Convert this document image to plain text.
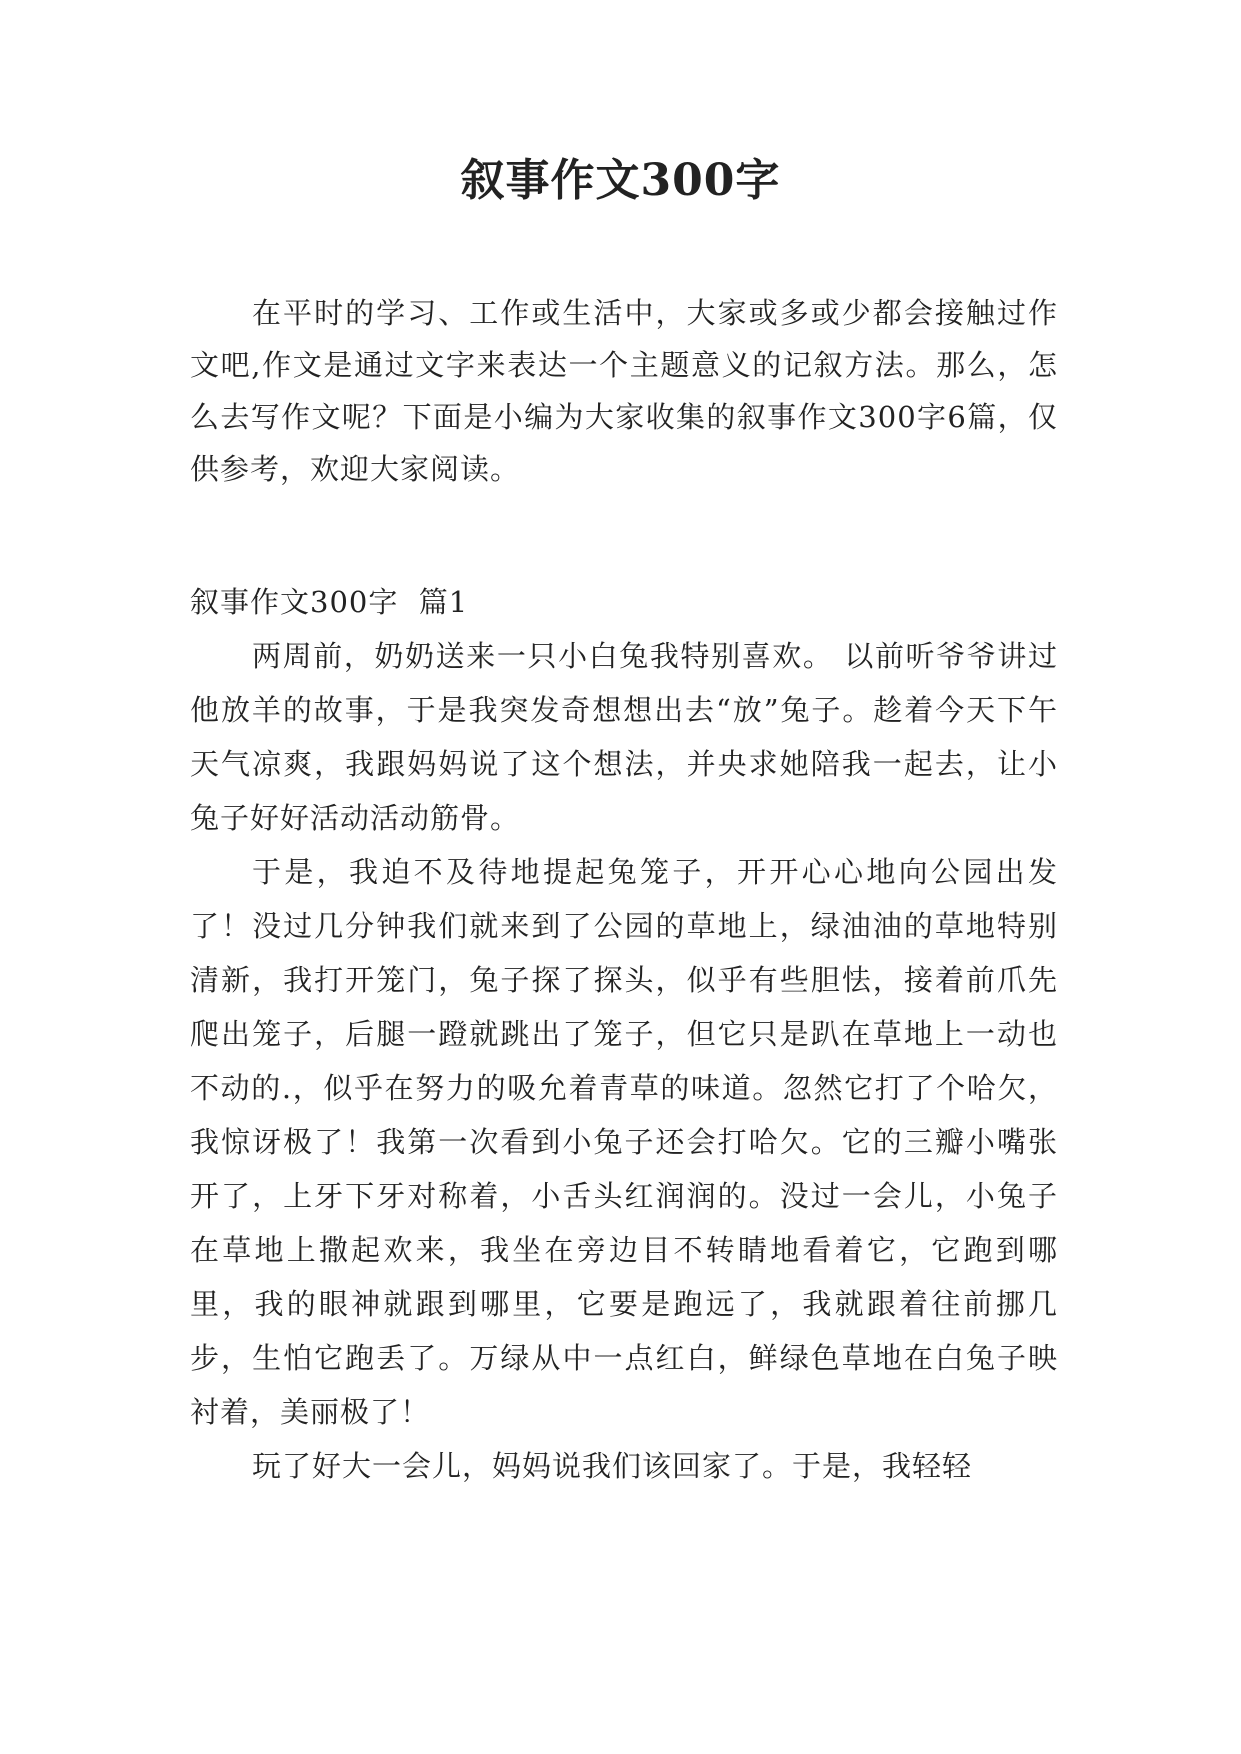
叙事作文300字

在平时的学习、工作或生活中，大家或多或少都会接触过作文吧,作文是通过文字来表达一个主题意义的记叙方法。那么，怎么去写作文呢？下面是小编为大家收集的叙事作文300字6篇，仅供参考，欢迎大家阅读。

叙事作文300字  篇1

两周前，奶奶送来一只小白兔我特别喜欢。 以前听爷爷讲过他放羊的故事，于是我突发奇想想出去“放”兔子。趁着今天下午天气凉爽，我跟妈妈说了这个想法，并央求她陪我一起去，让小兔子好好活动活动筋骨。

于是，我迫不及待地提起兔笼子，开开心心地向公园出发了！没过几分钟我们就来到了公园的草地上，绿油油的草地特别清新，我打开笼门，兔子探了探头，似乎有些胆怯，接着前爪先爬出笼子，后腿一蹬就跳出了笼子，但它只是趴在草地上一动也不动的.，似乎在努力的吸允着青草的味道。忽然它打了个哈欠，我惊讶极了！我第一次看到小兔子还会打哈欠。它的三瓣小嘴张开了，上牙下牙对称着，小舌头红润润的。没过一会儿，小兔子在草地上撒起欢来，我坐在旁边目不转睛地看着它，它跑到哪里，我的眼神就跟到哪里，它要是跑远了，我就跟着往前挪几步，生怕它跑丢了。万绿从中一点红白，鲜绿色草地在白兔子映衬着，美丽极了！

玩了好大一会儿，妈妈说我们该回家了。于是，我轻轻
